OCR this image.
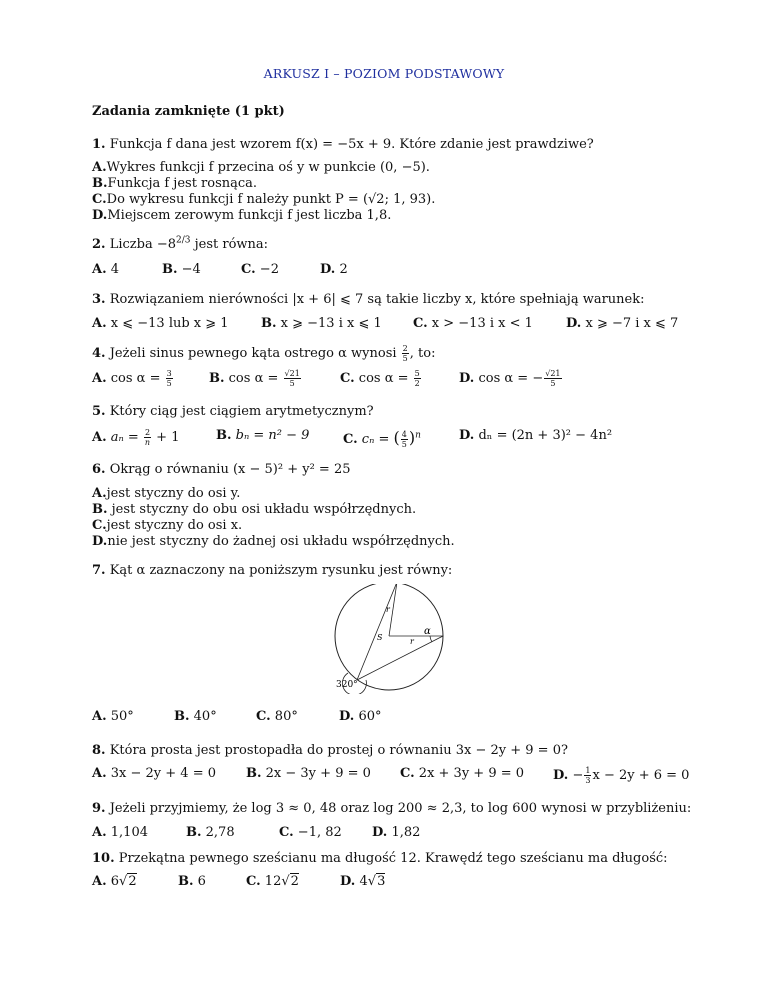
ARKUSZ I – POZIOM PODSTAWOWY
Zadania zamknięte (1 pkt)
1. Funkcja f dana jest wzorem f(x) = −5x + 9. Które zdanie jest prawdziwe?
A.Wykres funkcji f przecina oś y w punkcie (0, −5).
B.Funkcja f jest rosnąca.
C.Do wykresu funkcji f należy punkt P = (√2; 1, 93).
D.Miejscem zerowym funkcji f jest liczba 1,8.
2. Liczba $-8^{2/3}$ jest równa:
A. 4	B. −4	C. −2	D. 2
3. Rozwiązaniem nierówności |x + 6| ⩽ 7 są takie liczby x, które spełniają warunek:
A. x ⩽ −13 lub x ⩾ 1 B. x ⩾ −13 i x ⩽ 1 C. x > −13 i x < 1	D. x ⩾ −7 i x ⩽ 7
4. Jeżeli sinus pewnego kąta ostrego α wynosi $\frac{2}{5}$ , to:
A. $\cos \alpha = \frac{3}{5}$	B. $\cos \alpha = \frac{√21}{5}$	C. $\cos \alpha = \frac{5}{2}$	D. cos α = − $\frac{√21}{5}$
5. Który ciąg jest ciągiem arytmetycznym?
A. $a_n = \frac{2}{n} + 1$	B. bₙ = n² − 9	C. cₙ = ( $\frac{4}{5} )^n$	D. dₙ = (2n + 3)² − 4n²
6. Okrąg o równaniu (x − 5)² + y² = 25
A.jest styczny do osi y.
B. jest styczny do obu osi układu współrzędnych.
C.jest styczny do osi x.
D.nie jest styczny do żadnej osi układu współrzędnych.
7. Kąt α zaznaczony na poniższym rysunku jest równy:
r
S	r
α
320°
A. 50°	B. 40°	C. 80°	D. 60°
8. Która prosta jest prostopadła do prostej o równaniu 3x − 2y + 9 = 0?
A. 3x − 2y + 4 = 0 B. 2x − 3y + 9 = 0 C. 2x + 3y + 9 = 0 D. − $\frac{1}{3}$ x − 2y + 6 = 0
9. Jeżeli przyjmiemy, że log 3 ≈ 0, 48 oraz log 200 ≈ 2,3, to log 600 wynosi w przybliżeniu:
A. 1,104	B. 2,78	C. −1, 82 D. 1,82
10. Przekątna pewnego sześcianu ma długość 12. Krawędź tego sześcianu ma długość:
A. 6√2	B. 6	C. 12√2	D. 4√3
